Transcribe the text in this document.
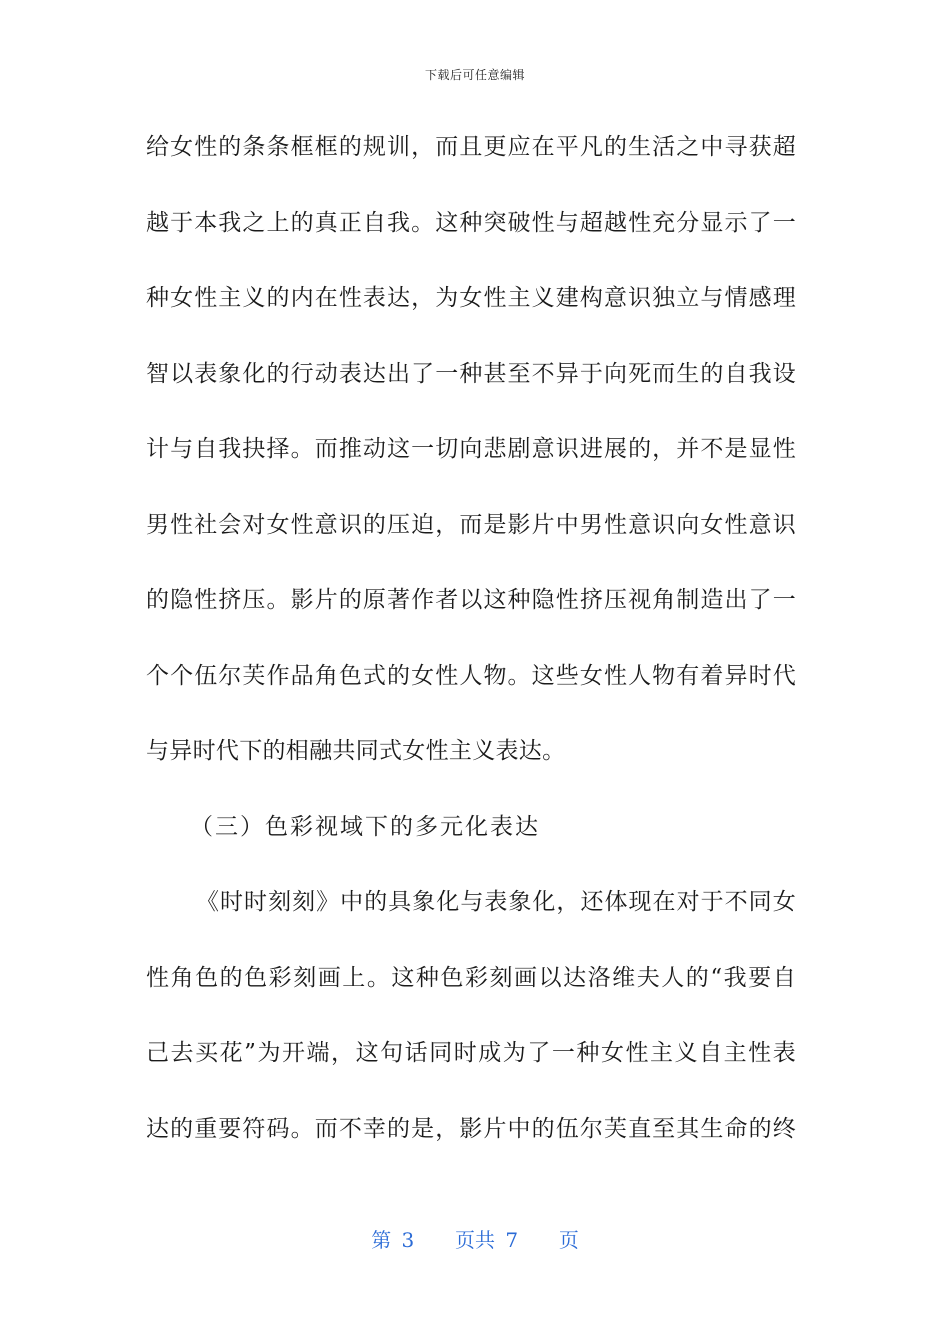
下载后可任意编辑
给女性的条条框框的规训，而且更应在平凡的生活之中寻获超
越于本我之上的真正自我。这种突破性与超越性充分显示了一
种女性主义的内在性表达，为女性主义建构意识独立与情感理
智以表象化的行动表达出了一种甚至不异于向死而生的自我设
计与自我抉择。而推动这一切向悲剧意识进展的，并不是显性
男性社会对女性意识的压迫，而是影片中男性意识向女性意识
的隐性挤压。影片的原著作者以这种隐性挤压视角制造出了一
个个伍尔芙作品角色式的女性人物。这些女性人物有着异时代
与异时代下的相融共同式女性主义表达。
（三）色彩视域下的多元化表达
《时时刻刻》中的具象化与表象化，还体现在对于不同女
性角色的色彩刻画上。这种色彩刻画以达洛维夫人的“我要自
己去买花”为开端，这句话同时成为了一种女性主义自主性表
达的重要符码。而不幸的是，影片中的伍尔芙直至其生命的终
第 3 页共 7 页
